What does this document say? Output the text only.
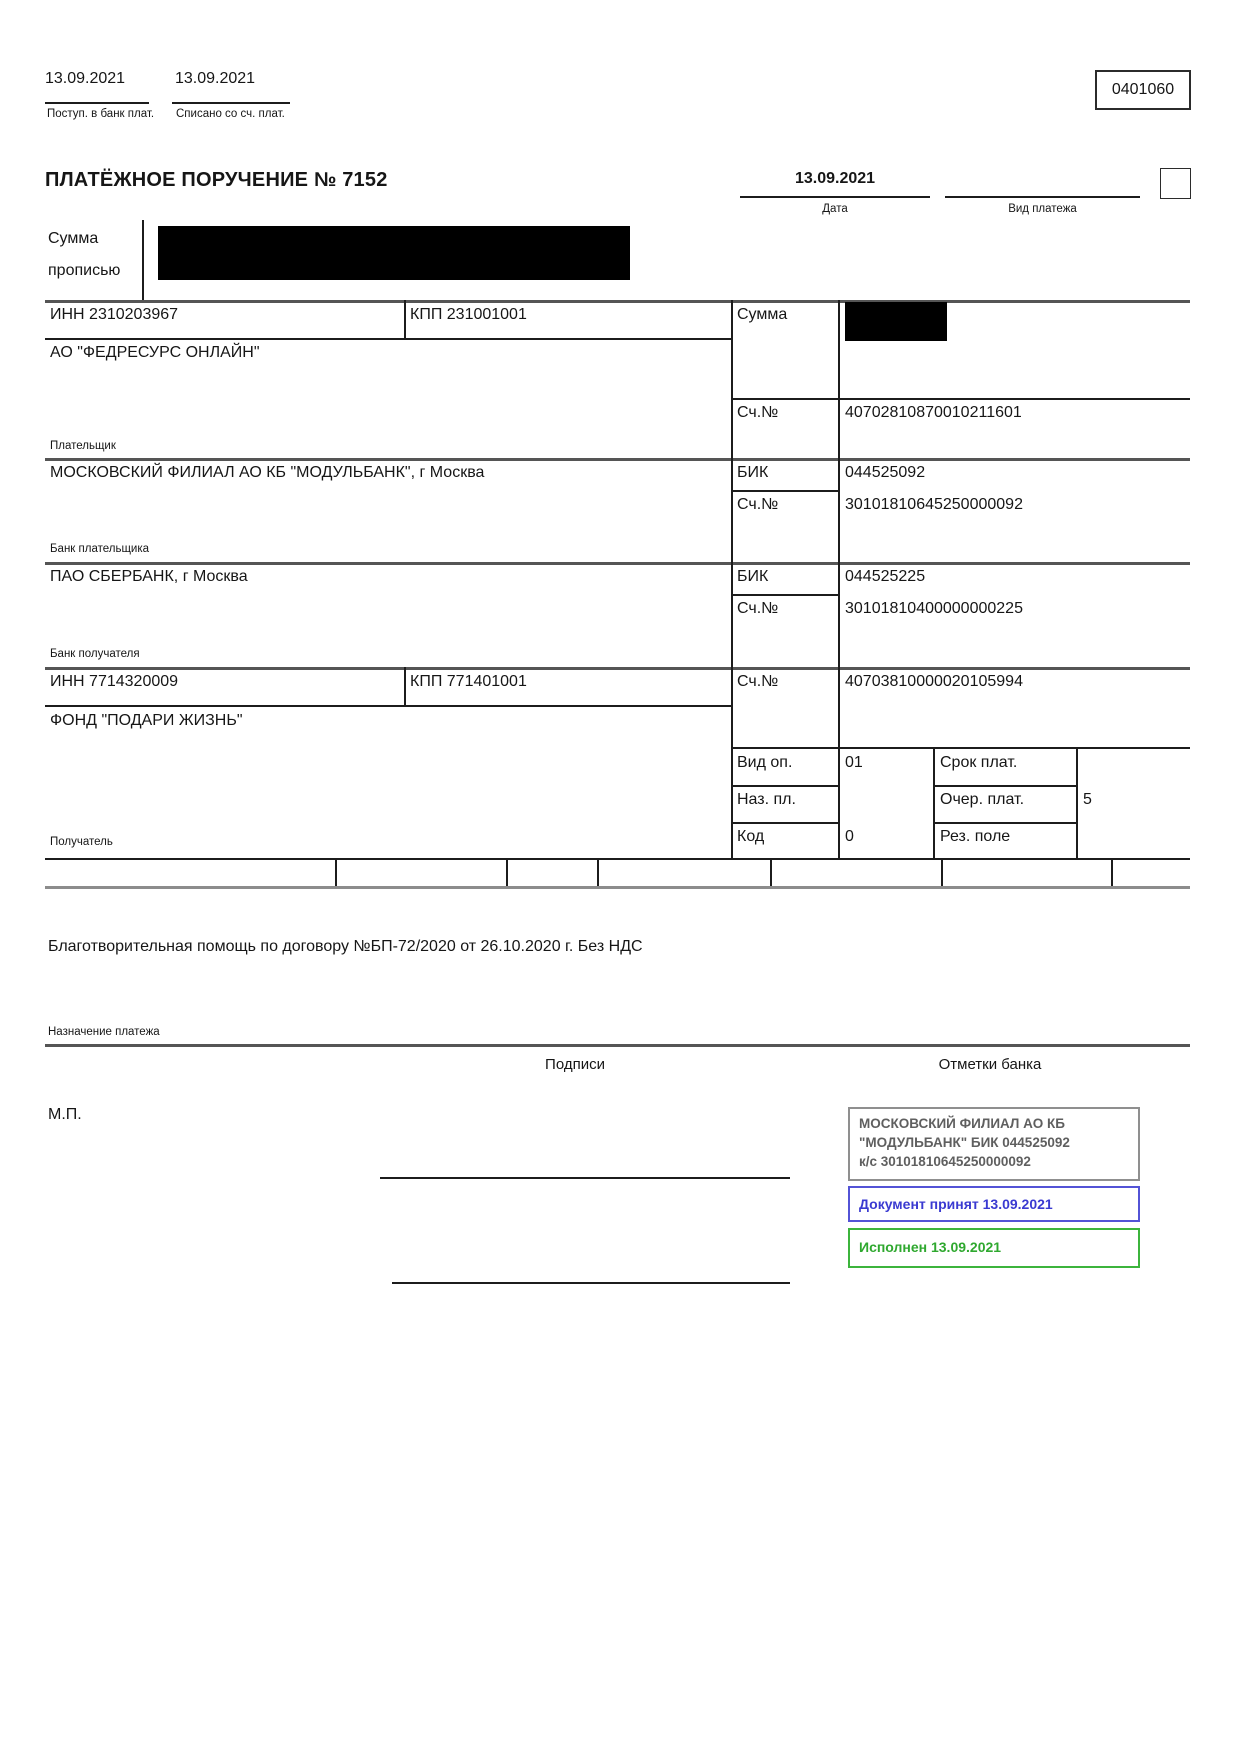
13.09.2021
Поступ. в банк плат.
13.09.2021
Списано со сч. плат.
0401060
ПЛАТЁЖНОЕ ПОРУЧЕНИЕ № 7152	13.09.2021
Дата	Вид платежа
Сумма
прописью
ИНН 2310203967	КПП 231001001	Сумма
АО "ФЕДРЕСУРС ОНЛАЙН"
Плательщик
Сч.№	40702810870010211601
МОСКОВСКИЙ ФИЛИАЛ АО КБ "МОДУЛЬБАНК", г Москва	БИК	044525092
Сч.№	30101810645250000092
Банк плательщика
ПАО СБЕРБАНК, г Москва	БИК	044525225
Сч.№	30101810400000000225
Банк получателя
ИНН 7714320009	КПП 771401001	Сч.№	40703810000020105994
ФОНД "ПОДАРИ ЖИЗНЬ"
Получатель
Вид оп.	01	Срок плат.
Наз. пл.	Очер. плат.	5
Код	0	Рез. поле
Благотворительная помощь по договору №БП-72/2020 от 26.10.2020 г. Без НДС
Назначение платежа
Подписи	Отметки банка
М.П.
МОСКОВСКИЙ ФИЛИАЛ АО КБ
"МОДУЛЬБАНК" БИК 044525092
к/с 30101810645250000092
Документ принят 13.09.2021
Исполнен 13.09.2021
